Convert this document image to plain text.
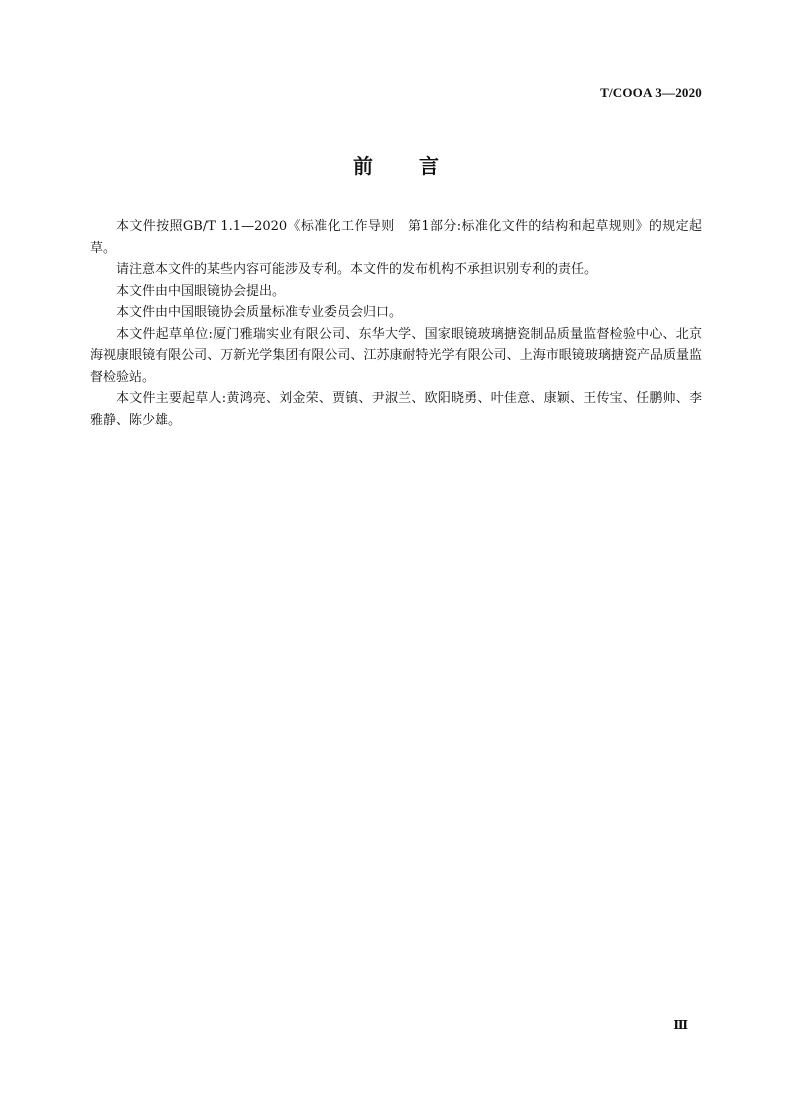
T/COOA 3—2020
前言

本文件按照GB/T 1.1—2020《标准化工作导则　第1部分:标准化文件的结构和起草规则》的规定起草。

请注意本文件的某些内容可能涉及专利。本文件的发布机构不承担识别专利的责任。

本文件由中国眼镜协会提出。

本文件由中国眼镜协会质量标准专业委员会归口。

本文件起草单位:厦门雅瑞实业有限公司、东华大学、国家眼镜玻璃搪瓷制品质量监督检验中心、北京海视康眼镜有限公司、万新光学集团有限公司、江苏康耐特光学有限公司、上海市眼镜玻璃搪瓷产品质量监督检验站。

本文件主要起草人:黄鸿亮、刘金荣、贾镇、尹淑兰、欧阳晓勇、叶佳意、康颖、王传宝、任鹏帅、李雅静、陈少雄。

Ⅲ
